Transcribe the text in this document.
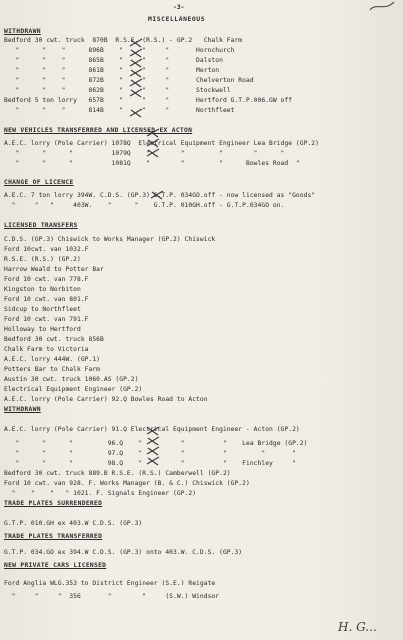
-3-
MISCELLANEOUS
WITHDRAWN
Bedford 30 cwt. truck  870B  R.S.E. (R.S.) - GP.2   Chalk Farm
"      "    "      896B    "     "     "       Hornchurch
"      "    "      865B    "     "     "       Dalston
"      "    "      861B    "     "     "       Merton
"      "    "      872B    "     "     "       Chelverton Road
"      "    "      862B    "     "     "       Stockwell
Bedford 5 ton lorry   657B    "     "     "       Hertford G.T.P.006.GW off
"      "    "      814B    "     "     "       Northfleet
NEW VEHICLES TRANSFERRED AND LICENSED EX ACTON
A.E.C. lorry (Pole Carrier) 1078Q  Electrical Equipment Engineer Lea Bridge (GP.2)
"      "      "          1079Q    "        "         "        "      "
"      "      "          1081Q    "        "         "      Bowles Road  "
CHANGE OF LICENCE
A.E.C. 7 ton lorry 394W. C.D.S. (GP.3) G.T.P. 034GO.off - now licensed as "Goods"
"     "   "     403W.    "      "    G.T.P. 010GH.off - G.T.P.034GO on.
LICENSED TRANSFERS
C.D.S. (GP.3) Chiswick to Works Manager (GP.2) Chiswick
Ford 10cwt. van 1032.F
R.S.E. (R.S.) (GP.2)
Harrow Weald to Potter Bar
Ford 10 cwt. van 778.F
Kingston to Norbiton
Ford 10 cwt. van 801.F
Sidcup to Northfleet
Ford 10 cwt. van 791.F
Holloway to Hertford
Bedford 30 cwt. truck 856B
Chalk Farm to Victoria
A.E.C. lorry 444W. (GP.1)
Potters Bar to Chalk Farm
Austin 30 cwt. truck 1060.AS (GP.2)
Electrical Equipment Engineer (GP.2)
A.E.C. lorry (Pole Carrier) 92.Q Bowles Road to Acton
WITHDRAWN
A.E.C. lorry (Pole Carrier) 91.Q Electrical Equipment Engineer - Acton (GP.2)
"      "      "         96.Q    "          "          "    Lea Bridge (GP.2)
"      "      "         97.Q    "          "          "         "       "
"      "      "         98.Q    "          "          "    Finchley     "
Bedford 30 cwt. truck 889.B R.S.E. (R.S.) Camberwell (GP.2)
Ford 10 cwt. van 928. F. Works Manager (B. & C.) Chiswick (GP.2)
"    "    "   " 1021. F. Signals Engineer (GP.2)
TRADE PLATES SURRENDERED
G.T.P. 010.GH ex 403.W C.D.S. (GP.3)
TRADE PLATES TRANSFERRED
G.T.P. 034.GO ex 394.W C.D.S. (GP.3) onto 403.W. C.D.S. (GP.3)
NEW PRIVATE CARS LICENSED
Ford Anglia WLG.353 to District Engineer (S.E.) Reigate
"     "     "  356       "        "     (S.W.) Windsor
H. G...
